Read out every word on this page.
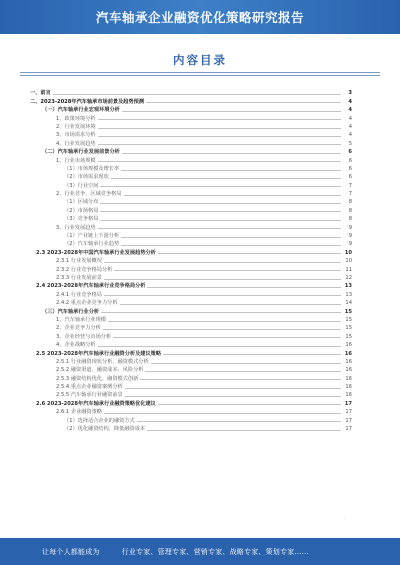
汽车轴承企业融资优化策略研究报告
内容目录
一、前言	3
二、2023-2028年汽车轴承市场前景及趋势预测	4
（一）汽车轴承行业宏观环境分析	4
1、政策环境分析	4
2、行业发展环境	4
3、市场需求分析	4
4、行业发展趋势	5
（二）汽车轴承行业发展前景分析	6
1、行业市场规模	6
（1）市场规模及增长率	6
（2）市场需求现状	6
（3）行业空间	7
2、行业竞争、区域竞争格局	7
（1）区域分布	8
（2）市场格局	8
（3）竞争格局	8
3、行业发展趋势	9
（1）产业链上下游分析	9
（2）汽车轴承行业趋势	9
2.3 2023-2028年中国汽车轴承行业发展趋势分析	10
2.3.1 行业发展概况	10
2.3.2 行业竞争格局分析	11
2.3.3 行业发展前景	12
2.4 2023-2028年汽车轴承行业竞争格局分析	13
2.4.1 行业竞争格局	13
2.4.2 重点企业竞争力分析	14
（三）汽车轴承行业分析	15
1、汽车轴承行业规模	15
2、企业竞争力分析	15
3、企业经营与市场分析	15
4、企业战略分析	16
2.5 2023-2028年汽车轴承行业融资分析及建议策略	16
2.5.1 行业融资现状分析，融资模式分析	16
2.5.2 融资渠道、融资成本、风险分析	16
2.5.3 融资结构优化，融资模式创新	16
2.5.4 重点企业融资案例分析	16
2.5.5 汽车轴承行业融资前景	16
2.6 2023-2028年汽车轴承行业融资策略优化建议	17
2.6.1 企业融资策略	17
（1）选择适合企业的融资方式	17
（2）优化融资结构，降低融资成本	17
·
让每个人都能成为	行业专家、管理专家、营销专家、战略专家、策划专家……
